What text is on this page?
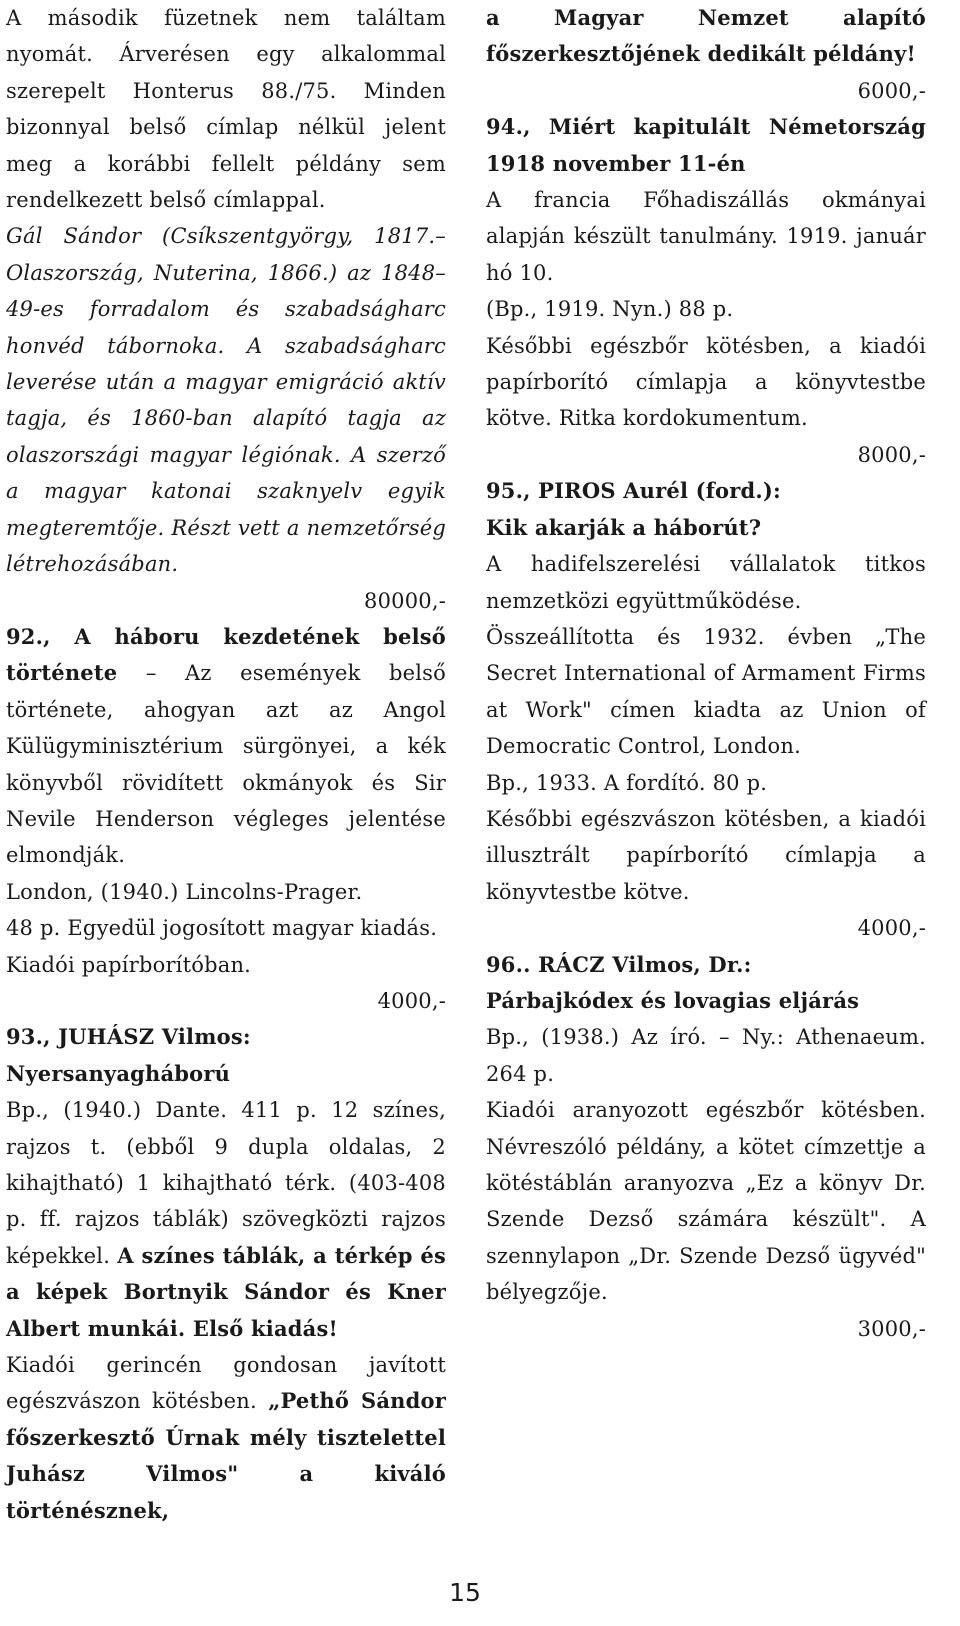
A második füzetnek nem találtam nyomát. Árverésen egy alkalommal szerepelt Honterus 88./75. Minden bizonnyal belső címlap nélkül jelent meg a korábbi fellelt példány sem rendelkezett belső címlappal.

Gál Sándor (Csíkszentgyörgy, 1817.– Olaszország, Nuterina, 1866.) az 1848–49-es forradalom és szabadságharc honvéd tábornoka. A szabadságharc leverése után a magyar emigráció aktív tagja, és 1860-ban alapító tagja az olaszországi magyar légiónak. A szerző a magyar katonai szaknyelv egyik megteremtője. Részt vett a nemzetőrség létrehozásában.

80000,-

92., A háboru kezdetének belső története – Az események belső története, ahogyan azt az Angol Külügyminisztérium sürgönyei, a kék könyvből rövidített okmányok és Sir Nevile Henderson végleges jelentése elmondják.

London, (1940.) Lincolns-Prager.

48 p. Egyedül jogosított magyar kiadás.

Kiadói papírborítóban.

4000,-

93., JUHÁSZ Vilmos:

Nyersanyagháború

Bp., (1940.) Dante. 411 p. 12 színes, rajzos t. (ebből 9 dupla oldalas, 2 kihajtható) 1 kihajtható térk. (403-408 p. ff. rajzos táblák) szövegközti rajzos képekkel. A színes táblák, a térkép és a képek Bortnyik Sándor és Kner Albert munkái. Első kiadás!

Kiadói gerincén gondosan javított egészvászon kötésben. „Pethő Sándor főszerkesztő Úrnak mély tisztelettel Juhász Vilmos" a kiváló történésznek,

a Magyar Nemzet alapító főszerkesztőjének dedikált példány!

6000,-

94., Miért kapitulált Németország 1918 november 11-én

A francia Főhadiszállás okmányai alapján készült tanulmány. 1919. január hó 10.

(Bp., 1919. Nyn.) 88 p.

Későbbi egészbőr kötésben, a kiadói papírborító címlapja a könyvtestbe kötve. Ritka kordokumentum.

8000,-

95., PIROS Aurél (ford.):

Kik akarják a háborút?

A hadifelszerelési vállalatok titkos nemzetközi együttműködése.

Összeállította és 1932. évben „The Secret International of Armament Firms at Work" címen kiadta az Union of Democratic Control, London.

Bp., 1933. A fordító. 80 p.

Későbbi egészvászon kötésben, a kiadói illusztrált papírborító címlapja a könyvtestbe kötve.

4000,-

96.. RÁCZ Vilmos, Dr.:

Párbajkódex és lovagias eljárás

Bp., (1938.) Az író. – Ny.: Athenaeum. 264 p.

Kiadói aranyozott egészbőr kötésben. Névreszóló példány, a kötet címzettje a kötéstáblán aranyozva „Ez a könyv Dr. Szende Dezső számára készült". A szennylapon „Dr. Szende Dezső ügyvéd" bélyegzője.

3000,-

15
